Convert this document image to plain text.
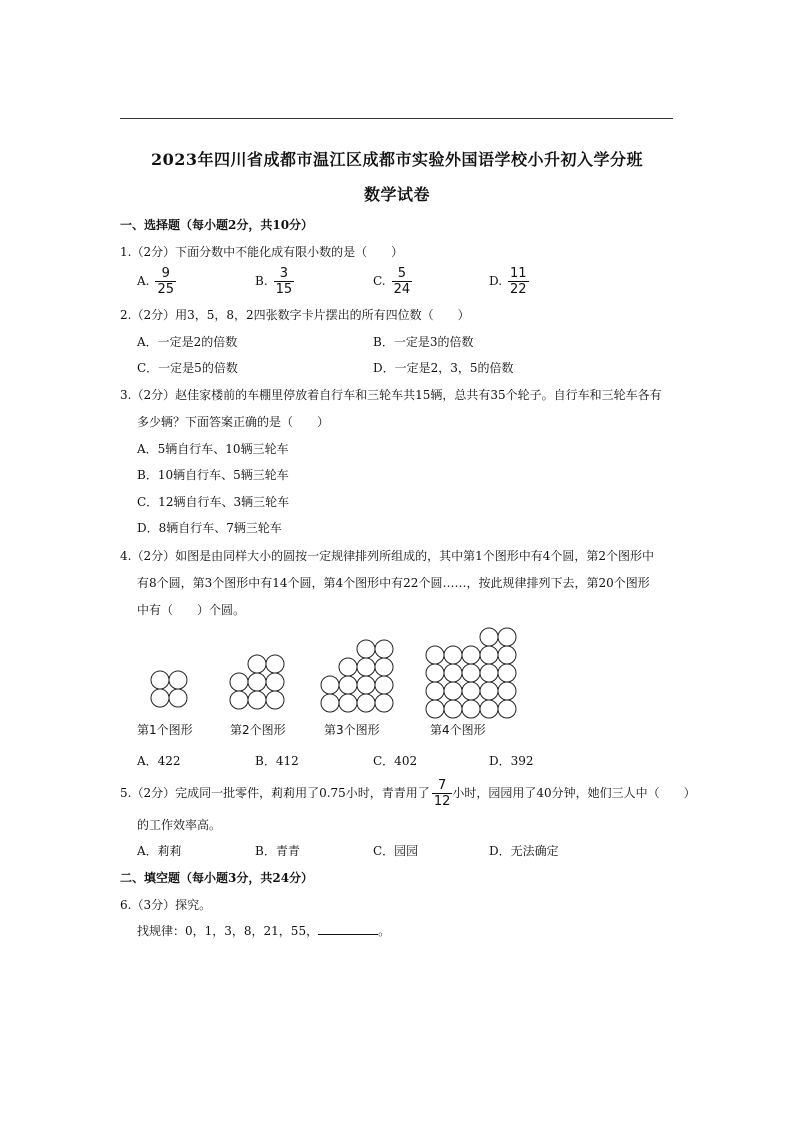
2023年四川省成都市温江区成都市实验外国语学校小升初入学分班
数学试卷
一、选择题（每小题2分，共10分）
1.（2分）下面分数中不能化成有限小数的是（　　）
A. $\frac{9}{25}$	B. $\frac{3}{15}$	C. $\frac{5}{24}$	D. $\frac{11}{22}$
2.（2分）用3，5，8，2四张数字卡片摆出的所有四位数（　　）
A．一定是2的倍数	B．一定是3的倍数
C．一定是5的倍数	D．一定是2，3，5的倍数
3.（2分）赵佳家楼前的车棚里停放着自行车和三轮车共15辆，总共有35个轮子。自行车和三轮车各有
多少辆？下面答案正确的是（　　）
A．5辆自行车、10辆三轮车
B．10辆自行车、5辆三轮车
C．12辆自行车、3辆三轮车
D．8辆自行车、7辆三轮车
4.（2分）如图是由同样大小的圆按一定规律排列所组成的，其中第1个图形中有4个圆，第2个图形中
有8个圆，第3个图形中有14个圆，第4个图形中有22个圆……，按此规律排列下去，第20个图形
中有（　　）个圆。
第1个图形	第2个图形	第3个图形	第4个图形
A．422	B．412	C．402	D．392
5.（2分）完成同一批零件，莉莉用了0.75小时，青青用了 $\frac{7}{12}$ 小时，园园用了40分钟，她们三人中（　　）
的工作效率高。
A．莉莉	B．青青	C．园园	D．无法确定
二、填空题（每小题3分，共24分）
6.（3分）探究。
找规律：0，1，3，8，21，55，	。
